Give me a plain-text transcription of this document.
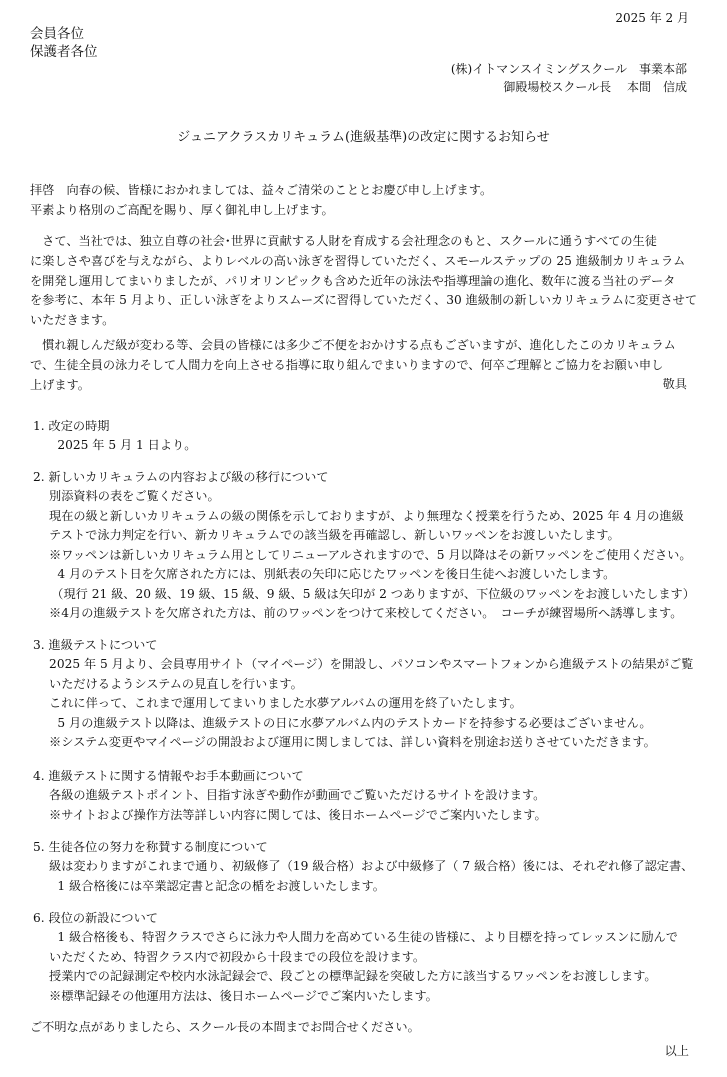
2025 年 2 月
会員各位
保護者各位
(株)イトマンスイミングスクール　事業本部
御殿場校スクール長　 本間　信成
ジュニアクラスカリキュラム(進級基準)の改定に関するお知らせ
拝啓　向春の候、皆様におかれましては、益々ご清栄のこととお慶び申し上げます。
平素より格別のご高配を賜り、厚く御礼申し上げます。
　さて、当社では、独立自尊の社会･世界に貢献する人財を育成する会社理念のもと、スクールに通うすべての生徒
に楽しさや喜びを与えながら、よりレベルの高い泳ぎを習得していただく、スモールステップの 25 進級制カリキュラム
を開発し運用してまいりましたが、パリオリンピックも含めた近年の泳法や指導理論の進化、数年に渡る当社のデータ
を参考に、本年 5 月より、正しい泳ぎをよりスムーズに習得していただく、30 進級制の新しいカリキュラムに変更させて
いただきます。
　慣れ親しんだ級が変わる等、会員の皆様には多少ご不便をおかけする点もございますが、進化したこのカリキュラム
で、生徒全員の泳力そして人間力を向上させる指導に取り組んでまいりますので、何卒ご理解とご協力をお願い申し
上げます。	敬具
1. 改定の時期
　　2025 年 5 月 1 日より。
2. 新しいカリキュラムの内容および級の移行について
　 別添資料の表をご覧ください。
　 現在の級と新しいカリキュラムの級の関係を示しておりますが、より無理なく授業を行うため、2025 年 4 月の進級
　 テストで泳力判定を行い、新カリキュラムでの該当級を再確認し、新しいワッペンをお渡しいたします。
　 ※ワッペンは新しいカリキュラム用としてリニューアルされますので、5 月以降はその新ワッペンをご使用ください。
　　4 月のテスト日を欠席された方には、別紙表の矢印に応じたワッペンを後日生徒へお渡しいたします。
　　（現行 21 級、20 級、19 級、15 級、9 級、5 級は矢印が 2 つありますが、下位級のワッペンをお渡しいたします）
　 ※4月の進級テストを欠席された方は、前のワッペンをつけて来校してください。　コーチが練習場所へ誘導します。
3. 進級テストについて
　 2025 年 5 月より、会員専用サイト（マイページ）を開設し、パソコンやスマートフォンから進級テストの結果がご覧
　 いただけるようシステムの見直しを行います。
　 これに伴って、これまで運用してまいりました水夢アルバムの運用を終了いたします。
　　5 月の進級テスト以降は、進級テストの日に水夢アルバム内のテストカードを持参する必要はございません。
　 ※システム変更やマイページの開設および運用に関しましては、詳しい資料を別途お送りさせていただきます。
4. 進級テストに関する情報やお手本動画について
　 各級の進級テストポイント、目指す泳ぎや動作が動画でご覧いただけるサイトを設けます。
　 ※サイトおよび操作方法等詳しい内容に関しては、後日ホームページでご案内いたします。
5. 生徒各位の努力を称賛する制度について
　 級は変わりますがこれまで通り、初級修了（19 級合格）および中級修了（ 7 級合格）後には、それぞれ修了認定書、
　　1 級合格後には卒業認定書と記念の楯をお渡しいたします。
6. 段位の新設について
　　1 級合格後も、特習クラスでさらに泳力や人間力を高めている生徒の皆様に、より目標を持ってレッスンに励んで
　 いただくため、特習クラス内で初段から十段までの段位を設けます。
　 授業内での記録測定や校内水泳記録会で、段ごとの標準記録を突破した方に該当するワッペンをお渡しします。
　 ※標準記録その他運用方法は、後日ホームページでご案内いたします。
ご不明な点がありましたら、スクール長の本間までお問合せください。
以上
